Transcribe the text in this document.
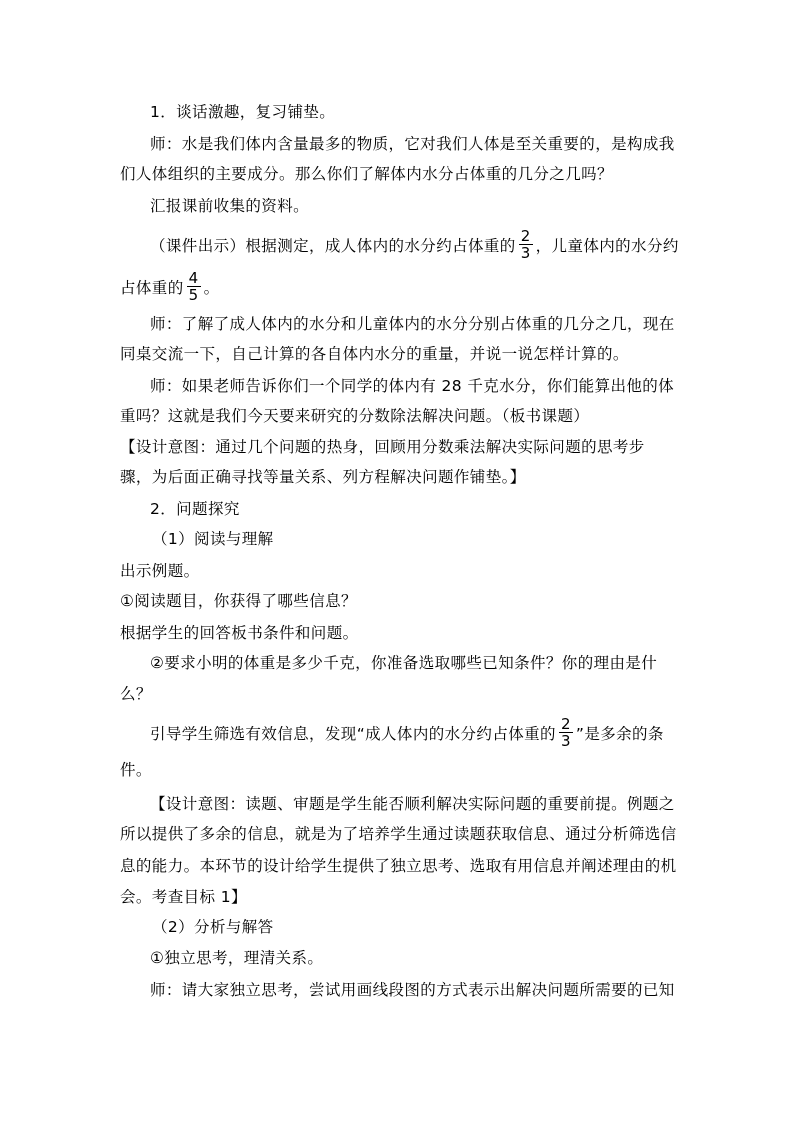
1．谈话激趣，复习铺垫。
师：水是我们体内含量最多的物质，它对我们人体是至关重要的，是构成我
们人体组织的主要成分。那么你们了解体内水分占体重的几分之几吗？
汇报课前收集的资料。
（课件出示）根据测定，成人体内的水分约占体重的 $\frac{2}{3}$ ，儿童体内的水分约
占体重的 $\frac{4}{5}$ 。
师：了解了成人体内的水分和儿童体内的水分分别占体重的几分之几，现在
同桌交流一下，自己计算的各自体内水分的重量，并说一说怎样计算的。
师：如果老师告诉你们一个同学的体内有 28 千克水分，你们能算出他的体
重吗？这就是我们今天要来研究的分数除法解决问题。（板书课题）
【设计意图：通过几个问题的热身，回顾用分数乘法解决实际问题的思考步
骤，为后面正确寻找等量关系、列方程解决问题作铺垫。】
2．问题探究
（1）阅读与理解
出示例题。
①阅读题目，你获得了哪些信息？
根据学生的回答板书条件和问题。
②要求小明的体重是多少千克，你准备选取哪些已知条件？你的理由是什
么？
引导学生筛选有效信息，发现“成人体内的水分约占体重的 $\frac{2}{3}$ ”是多余的条
件。
【设计意图：读题、审题是学生能否顺利解决实际问题的重要前提。例题之
所以提供了多余的信息，就是为了培养学生通过读题获取信息、通过分析筛选信
息的能力。本环节的设计给学生提供了独立思考、选取有用信息并阐述理由的机
会。考查目标 1】
（2）分析与解答
①独立思考，理清关系。
师：请大家独立思考，尝试用画线段图的方式表示出解决问题所需要的已知
